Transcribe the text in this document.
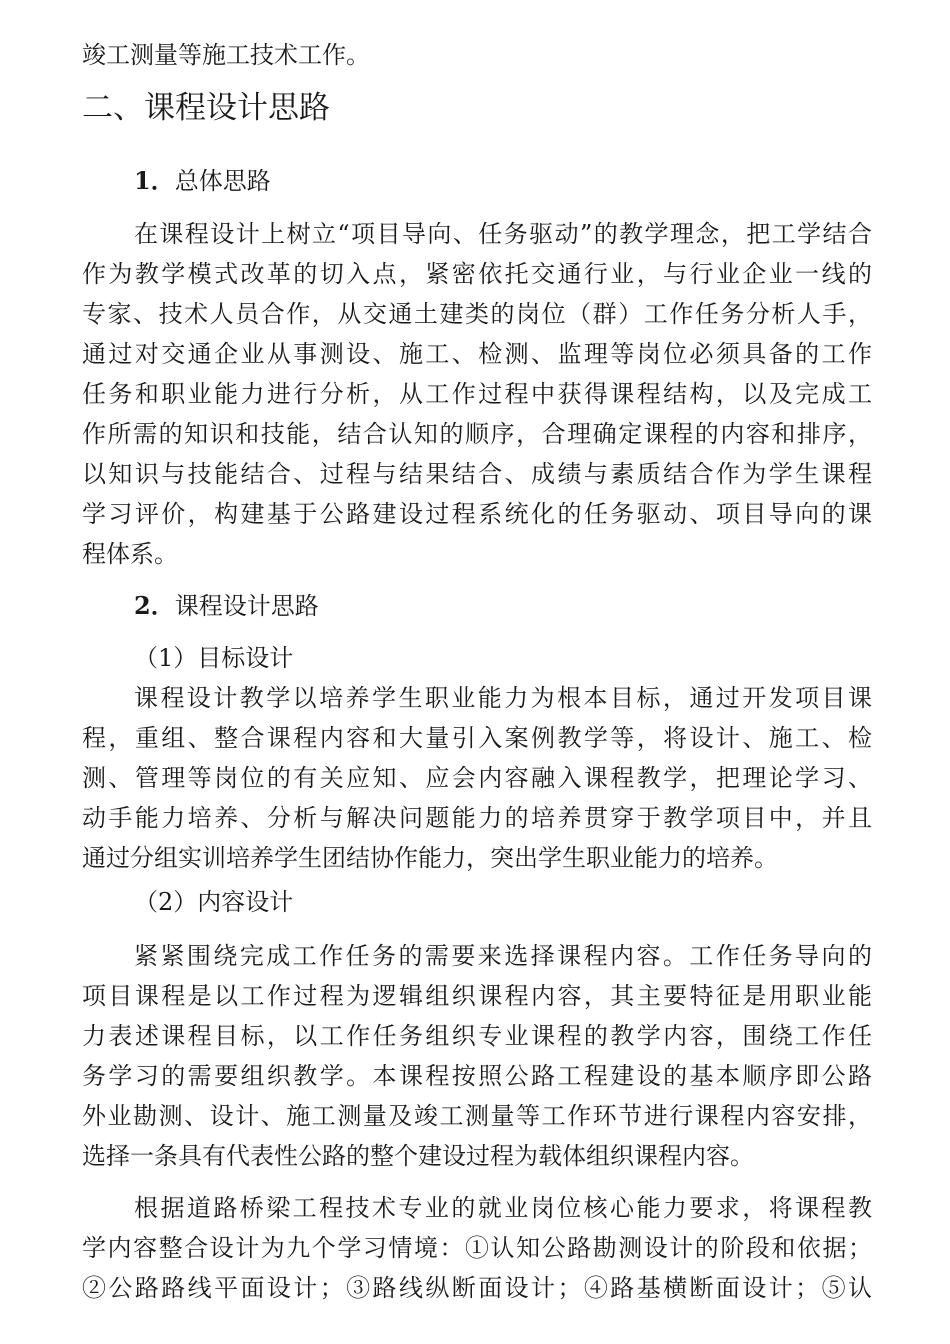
竣工测量等施工技术工作。
二、课程设计思路
1．总体思路
在课程设计上树立“项目导向、任务驱动”的教学理念，把工学结合
作为教学模式改革的切入点，紧密依托交通行业，与行业企业一线的
专家、技术人员合作，从交通土建类的岗位（群）工作任务分析人手，
通过对交通企业从事测设、施工、检测、监理等岗位必须具备的工作
任务和职业能力进行分析，从工作过程中获得课程结构，以及完成工
作所需的知识和技能，结合认知的顺序，合理确定课程的内容和排序，
以知识与技能结合、过程与结果结合、成绩与素质结合作为学生课程
学习评价，构建基于公路建设过程系统化的任务驱动、项目导向的课
程体系。
2．课程设计思路
（1）目标设计
课程设计教学以培养学生职业能力为根本目标，通过开发项目课
程，重组、整合课程内容和大量引入案例教学等，将设计、施工、检
测、管理等岗位的有关应知、应会内容融入课程教学，把理论学习、
动手能力培养、分析与解决问题能力的培养贯穿于教学项目中，并且
通过分组实训培养学生团结协作能力，突出学生职业能力的培养。
（2）内容设计
紧紧围绕完成工作任务的需要来选择课程内容。工作任务导向的
项目课程是以工作过程为逻辑组织课程内容，其主要特征是用职业能
力表述课程目标，以工作任务组织专业课程的教学内容，围绕工作任
务学习的需要组织教学。本课程按照公路工程建设的基本顺序即公路
外业勘测、设计、施工测量及竣工测量等工作环节进行课程内容安排，
选择一条具有代表性公路的整个建设过程为载体组织课程内容。
根据道路桥梁工程技术专业的就业岗位核心能力要求，将课程教
学内容整合设计为九个学习情境：①认知公路勘测设计的阶段和依据；
②公路路线平面设计；③路线纵断面设计；④路基横断面设计；⑤认
